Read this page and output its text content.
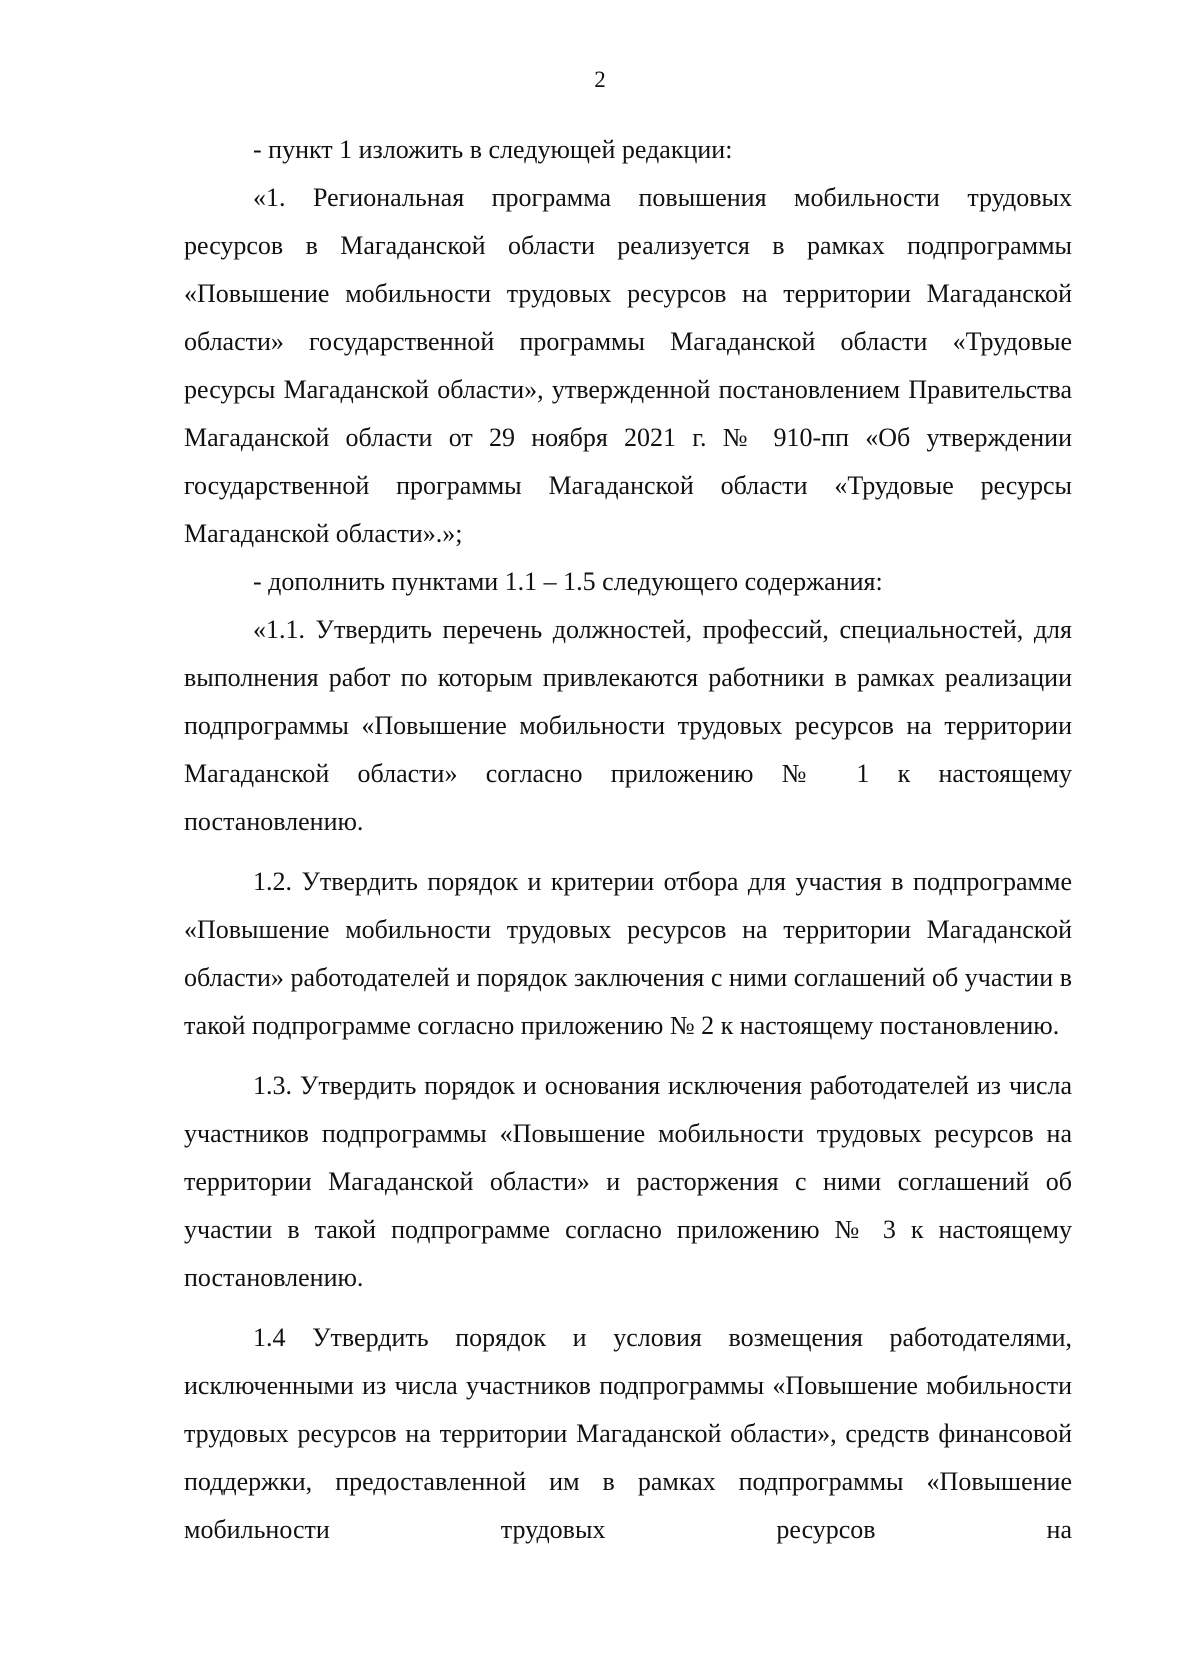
2

- пункт 1 изложить в следующей редакции:

«1. Региональная программа повышения мобильности трудовых ресурсов в Магаданской области реализуется в рамках подпрограммы «Повышение мобильности трудовых ресурсов на территории Магаданской области» государственной программы Магаданской области «Трудовые ресурсы Магаданской области», утвержденной постановлением Правительства Магаданской области от 29 ноября 2021 г. № 910-пп «Об утверждении государственной программы Магаданской области «Трудовые ресурсы Магаданской области».»;

- дополнить пунктами 1.1 – 1.5 следующего содержания:

«1.1. Утвердить перечень должностей, профессий, специальностей, для выполнения работ по которым привлекаются работники в рамках реализации подпрограммы «Повышение мобильности трудовых ресурсов на территории Магаданской области» согласно приложению № 1 к настоящему постановлению.

1.2. Утвердить порядок и критерии отбора для участия в подпрограмме «Повышение мобильности трудовых ресурсов на территории Магаданской области» работодателей и порядок заключения с ними соглашений об участии в такой подпрограмме согласно приложению № 2 к настоящему постановлению.

1.3. Утвердить порядок и основания исключения работодателей из числа участников подпрограммы «Повышение мобильности трудовых ресурсов на территории Магаданской области» и расторжения с ними соглашений об участии в такой подпрограмме согласно приложению № 3 к настоящему постановлению.

1.4 Утвердить порядок и условия возмещения работодателями, исключенными из числа участников подпрограммы «Повышение мобильности трудовых ресурсов на территории Магаданской области», средств финансовой поддержки, предоставленной им в рамках подпрограммы «Повышение мобильности трудовых ресурсов на
